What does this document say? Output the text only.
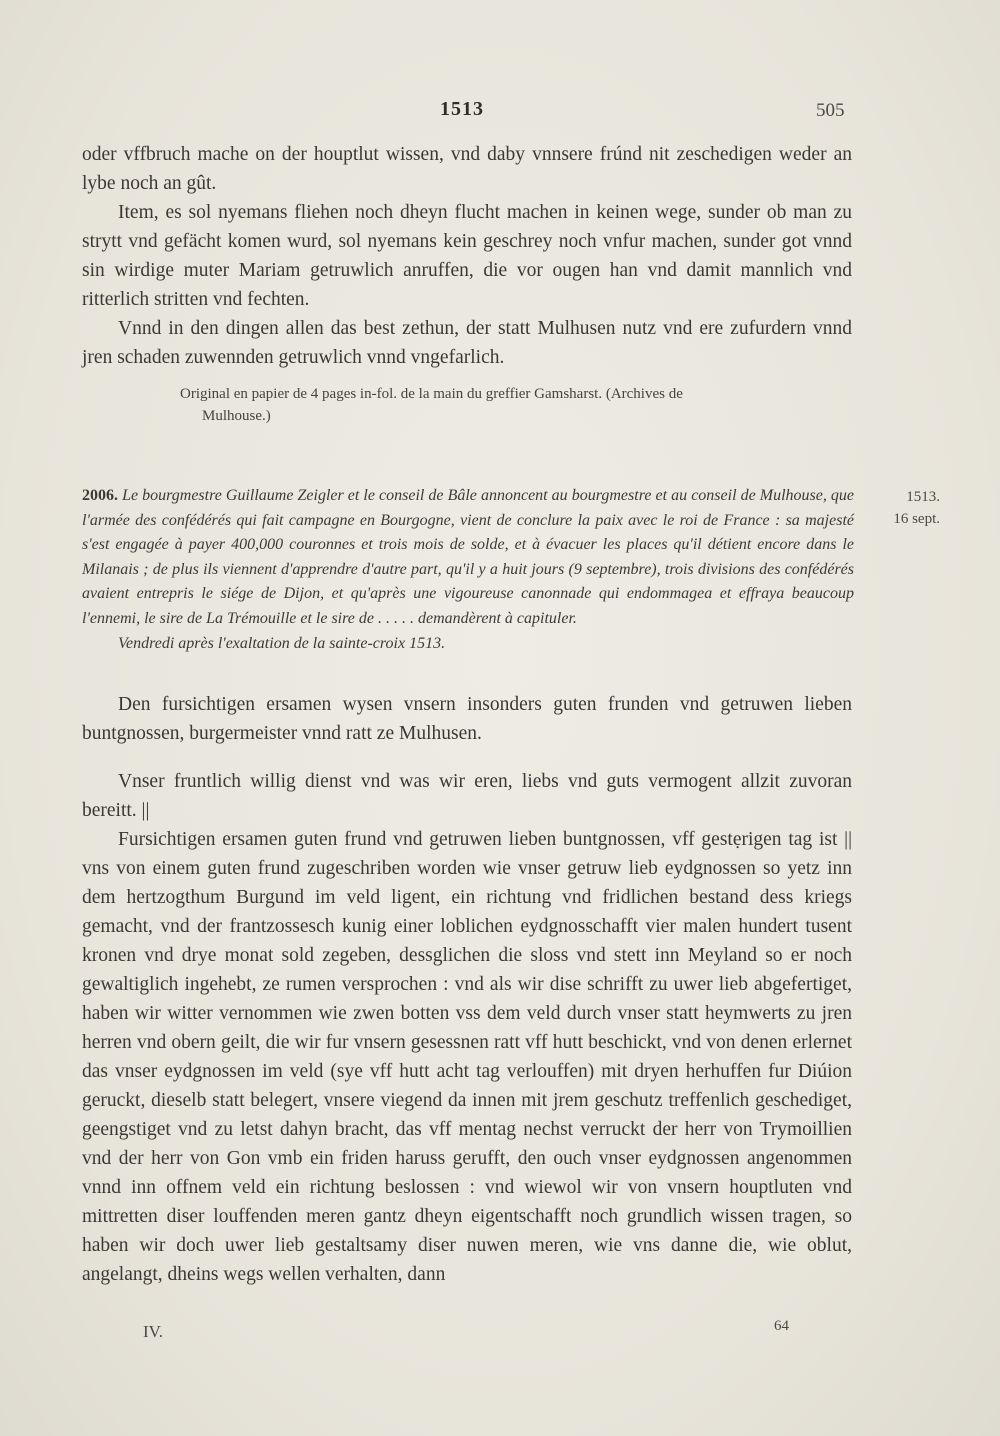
1513	505

oder vffbruch mache on der houptlut wissen, vnd daby vnnsere frúnd nit zeschedigen weder an lybe noch an gût.

Item, es sol nyemans fliehen noch dheyn flucht machen in keinen wege, sunder ob man zu strytt vnd gefächt komen wurd, sol nyemans kein geschrey noch vnfur machen, sunder got vnnd sin wirdige muter Mariam getruwlich anruffen, die vor ougen han vnd damit mannlich vnd ritterlich stritten vnd fechten.

Vnnd in den dingen allen das best zethun, der statt Mulhusen nutz vnd ere zufurdern vnnd jren schaden zuwennden getruwlich vnnd vngefarlich.

Original en papier de 4 pages in-fol. de la main du greffier Gamsharst. (Archives de
Mulhouse.)

2006. Le bourgmestre Guillaume Zeigler et le conseil de Bâle annoncent au bourgmestre et au conseil de Mulhouse, que l'armée des confédérés qui fait campagne en Bourgogne, vient de conclure la paix avec le roi de France : sa majesté s'est engagée à payer 400,000 couronnes et trois mois de solde, et à évacuer les places qu'il détient encore dans le Milanais ; de plus ils viennent d'apprendre d'autre part, qu'il y a huit jours (9 septembre), trois divisions des confédérés avaient entrepris le siége de Dijon, et qu'après une vigoureuse canonnade qui endommagea et effraya beaucoup l'ennemi, le sire de La Trémouille et le sire de . . . . . demandèrent à capituler.

Vendredi après l'exaltation de la sainte-croix 1513.

1513.
16 sept.

Den fursichtigen ersamen wysen vnsern insonders guten frunden vnd getruwen lieben buntgnossen, burgermeister vnnd ratt ze Mulhusen.

Vnser fruntlich willig dienst vnd was wir eren, liebs vnd guts vermogent allzit zuvoran bereitt. ||

Fursichtigen ersamen guten frund vnd getruwen lieben buntgnossen, vff gestẹrigen tag ist || vns von einem guten frund zugeschriben worden wie vnser getruw lieb eydgnossen so yetz inn dem hertzogthum Burgund im veld ligent, ein richtung vnd fridlichen bestand dess kriegs gemacht, vnd der frantzossesch kunig einer loblichen eydgnosschafft vier malen hundert tusent kronen vnd drye monat sold zegeben, dessglichen die sloss vnd stett inn Meyland so er noch gewaltiglich ingehebt, ze rumen versprochen : vnd als wir dise schrifft zu uwer lieb abgefertiget, haben wir witter vernommen wie zwen botten vss dem veld durch vnser statt heymwerts zu jren herren vnd obern geilt, die wir fur vnsern gesessnen ratt vff hutt beschickt, vnd von denen erlernet das vnser eydgnossen im veld (sye vff hutt acht tag verlouffen) mit dryen herhuffen fur Diúion geruckt, dieselb statt belegert, vnsere viegend da innen mit jrem geschutz treffenlich geschediget, geengstiget vnd zu letst dahyn bracht, das vff mentag nechst verruckt der herr von Trymoillien vnd der herr von Gon vmb ein friden haruss gerufft, den ouch vnser eydgnossen angenommen vnnd inn offnem veld ein richtung beslossen : vnd wiewol wir von vnsern houptluten vnd mittretten diser louffenden meren gantz dheyn eigentschafft noch grundlich wissen tragen, so haben wir doch uwer lieb gestaltsamy diser nuwen meren, wie vns danne die, wie oblut, angelangt, dheins wegs wellen verhalten, dann

IV.	64
